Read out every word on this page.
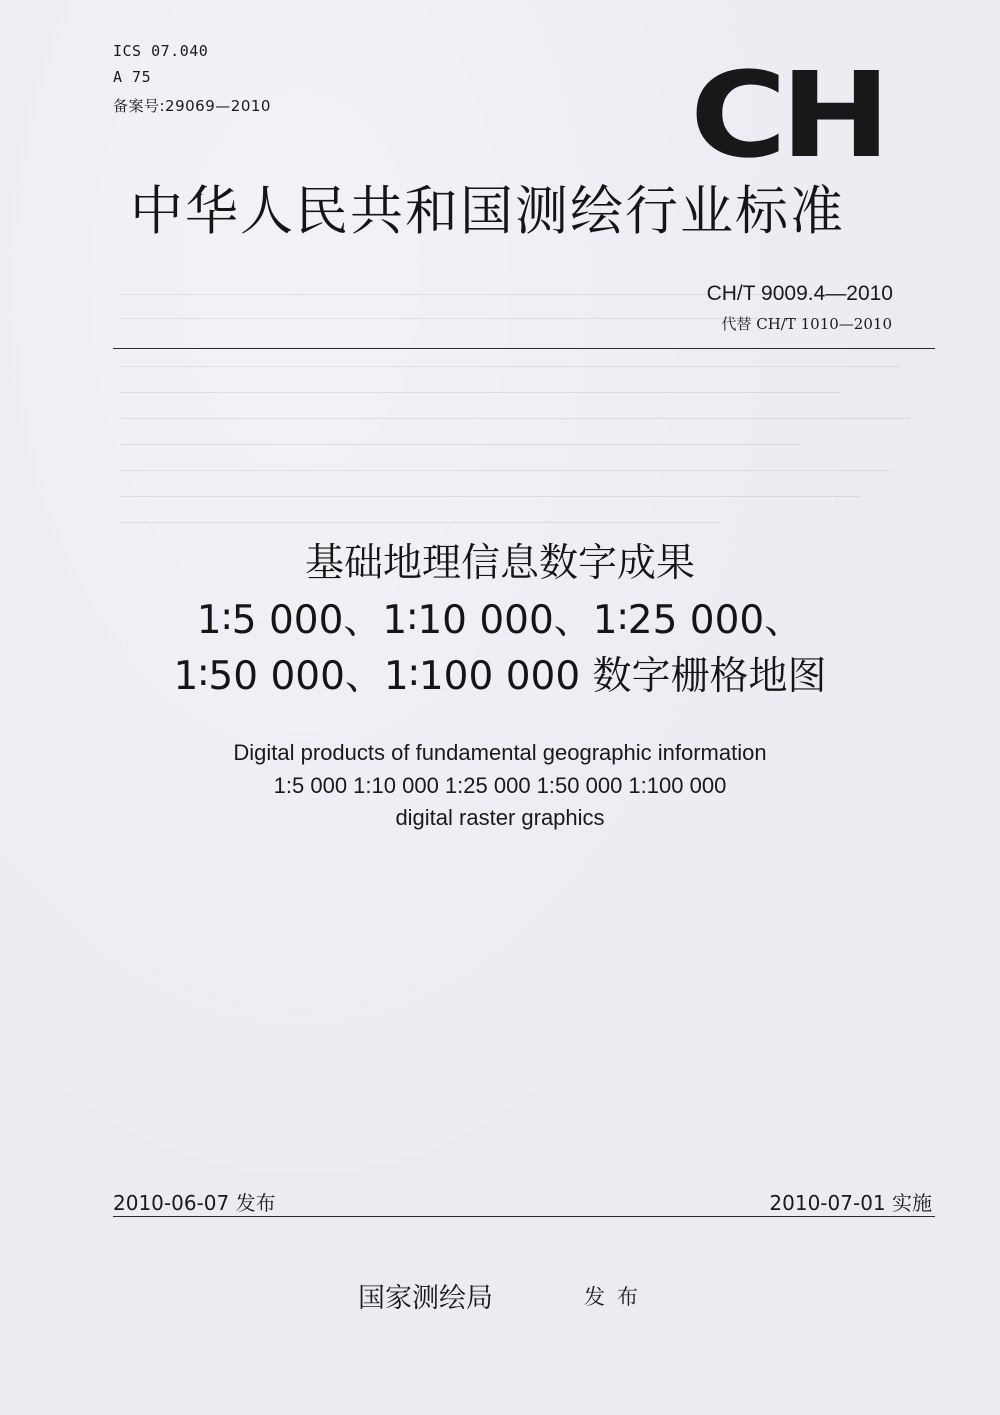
ICS 07.040
A 75
备案号:29069—2010	CH
中华人民共和国测绘行业标准
CH/T 9009.4—2010
代替 CH/T 1010—2010
基础地理信息数字成果
1∶5 000、1∶10 000、1∶25 000、
1∶50 000、1∶100 000 数字栅格地图
Digital products of fundamental geographic information
1:5 000 1:10 000 1:25 000 1:50 000 1:100 000
digital raster graphics
2010-06-07 发布	2010-07-01 实施
国家测绘局	发布
